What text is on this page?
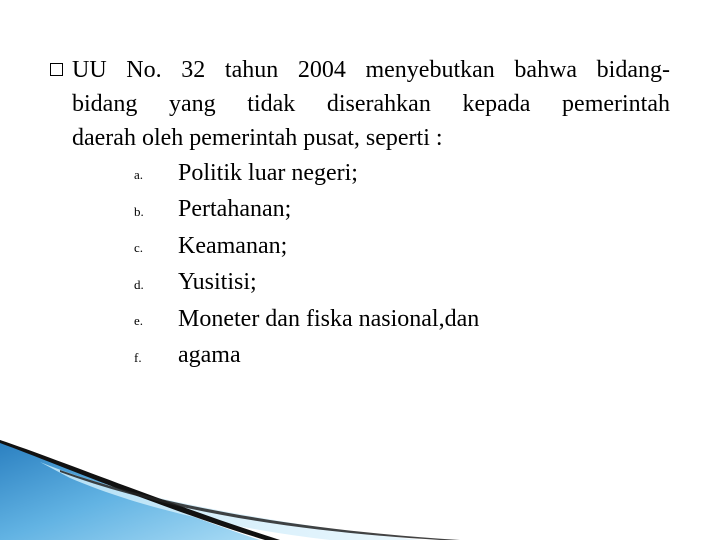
UU No. 32 tahun 2004 menyebutkan bahwa bidang-
bidang yang tidak diserahkan kepada pemerintah
daerah oleh pemerintah pusat, seperti :
a.	Politik luar negeri;
b.	Pertahanan;
c.	Keamanan;
d.	Yusitisi;
e.	Moneter dan fiska nasional,dan
f.	agama
